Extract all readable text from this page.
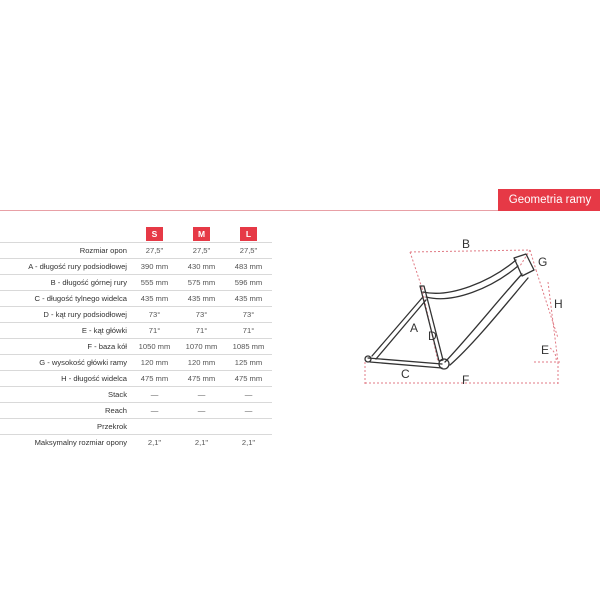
Geometria ramy
	S	M	L
Rozmiar opon	27,5"	27,5"	27,5"
A - długość rury podsiodłowej	390 mm	430 mm	483 mm
B - długość górnej rury	555 mm	575 mm	596 mm
C - długość tylnego widelca	435 mm	435 mm	435 mm
D - kąt rury podsiodłowej	73°	73°	73°
E - kąt główki	71°	71°	71°
F - baza kół	1050 mm	1070 mm	1085 mm
G - wysokość główki ramy	120 mm	120 mm	125 mm
H - długość widelca	475 mm	475 mm	475 mm
Stack	—	—	—
Reach	—	—	—
Przekrok			
Maksymalny rozmiar opony	2,1"	2,1"	2,1"
B
G
H
A
D
E
C	F
